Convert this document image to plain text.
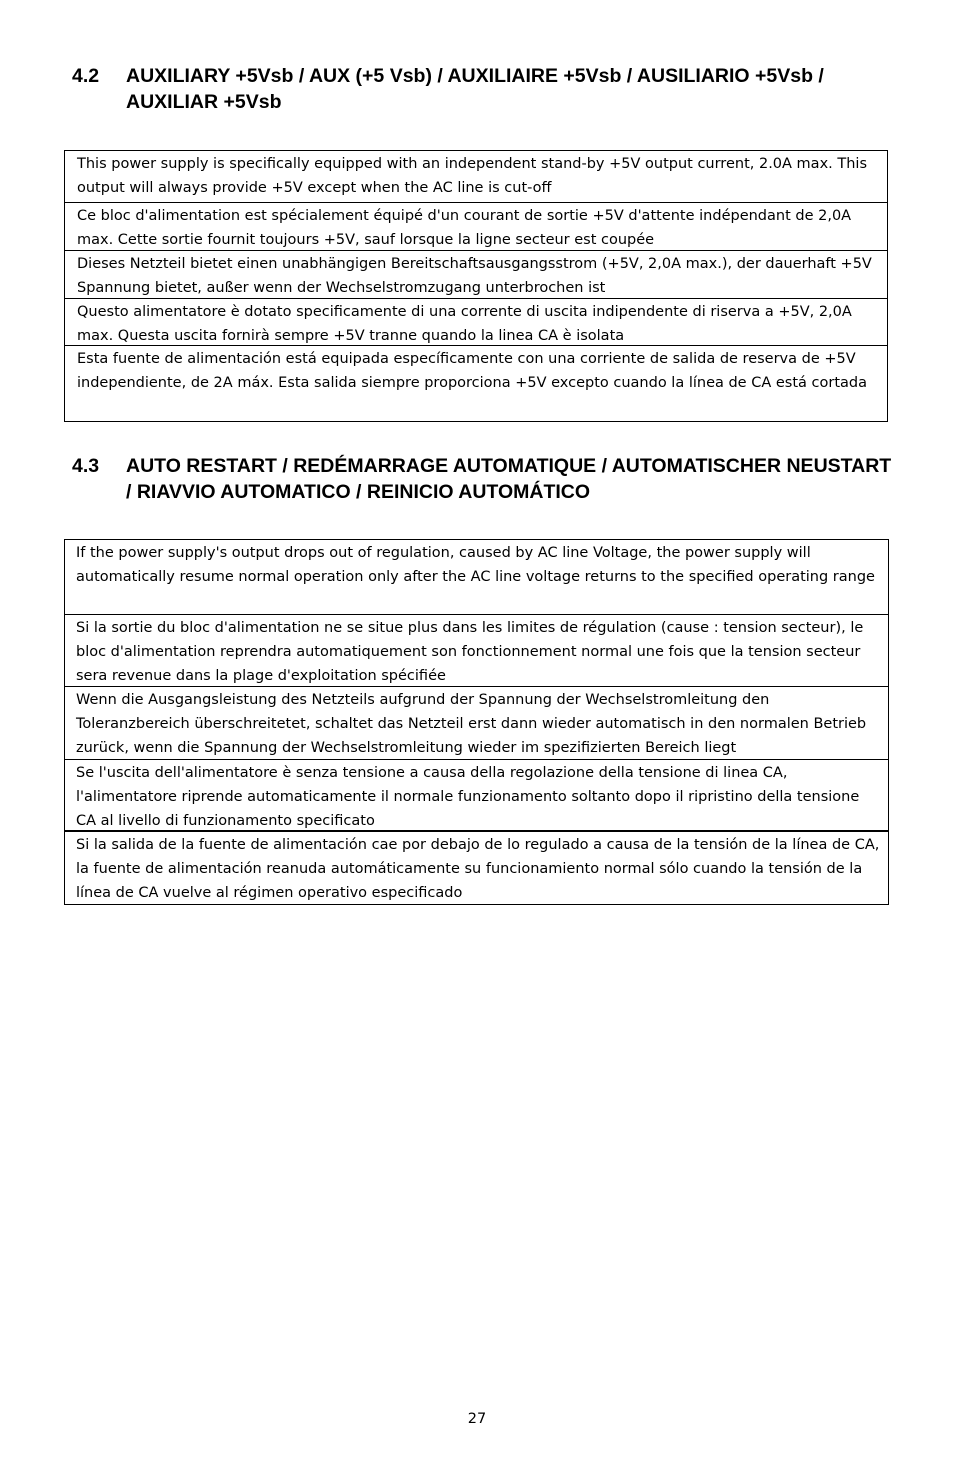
4.2 AUXILIARY +5Vsb / AUX (+5 Vsb) / AUXILIAIRE +5Vsb / AUSILIARIO +5Vsb / AUXILIAR +5Vsb
This power supply is specifically equipped with an independent stand-by +5V output current, 2.0A max. This output will always provide +5V except when the AC line is cut-off
Ce bloc d'alimentation est spécialement équipé d'un courant de sortie +5V d'attente indépendant de 2,0A max. Cette sortie fournit toujours +5V, sauf lorsque la ligne secteur est coupée
Dieses Netzteil bietet einen unabhängigen Bereitschaftsausgangsstrom (+5V, 2,0A max.), der dauerhaft +5V Spannung bietet, außer wenn der Wechselstromzugang unterbrochen ist
Questo alimentatore è dotato specificamente di una corrente di uscita indipendente di riserva a +5V, 2,0A max. Questa uscita fornirà sempre +5V tranne quando la linea CA è isolata
Esta fuente de alimentación está equipada específicamente con una corriente de salida de reserva de +5V independiente, de 2A máx. Esta salida siempre proporciona +5V excepto cuando la línea de CA está cortada
4.3 AUTO RESTART / REDÉMARRAGE AUTOMATIQUE / AUTOMATISCHER NEUSTART / RIAVVIO AUTOMATICO / REINICIO AUTOMÁTICO
If the power supply's output drops out of regulation, caused by AC line Voltage, the power supply will automatically resume normal operation only after the AC line voltage returns to the specified operating range
Si la sortie du bloc d'alimentation ne se situe plus dans les limites de régulation (cause : tension secteur), le bloc d'alimentation reprendra automatiquement son fonctionnement normal une fois que la tension secteur sera revenue dans la plage d'exploitation spécifiée
Wenn die Ausgangsleistung des Netzteils aufgrund der Spannung der Wechselstromleitung den Toleranzbereich überschreitetet, schaltet das Netzteil erst dann wieder automatisch in den normalen Betrieb zurück, wenn die Spannung der Wechselstromleitung wieder im spezifizierten Bereich liegt
Se l'uscita dell'alimentatore è senza tensione a causa della regolazione della tensione di linea CA, l'alimentatore riprende automaticamente il normale funzionamento soltanto dopo il ripristino della tensione CA al livello di funzionamento specificato
Si la salida de la fuente de alimentación cae por debajo de lo regulado a causa de la tensión de la línea de CA, la fuente de alimentación reanuda automáticamente su funcionamiento normal sólo cuando la tensión de la línea de CA vuelve al régimen operativo especificado
27
